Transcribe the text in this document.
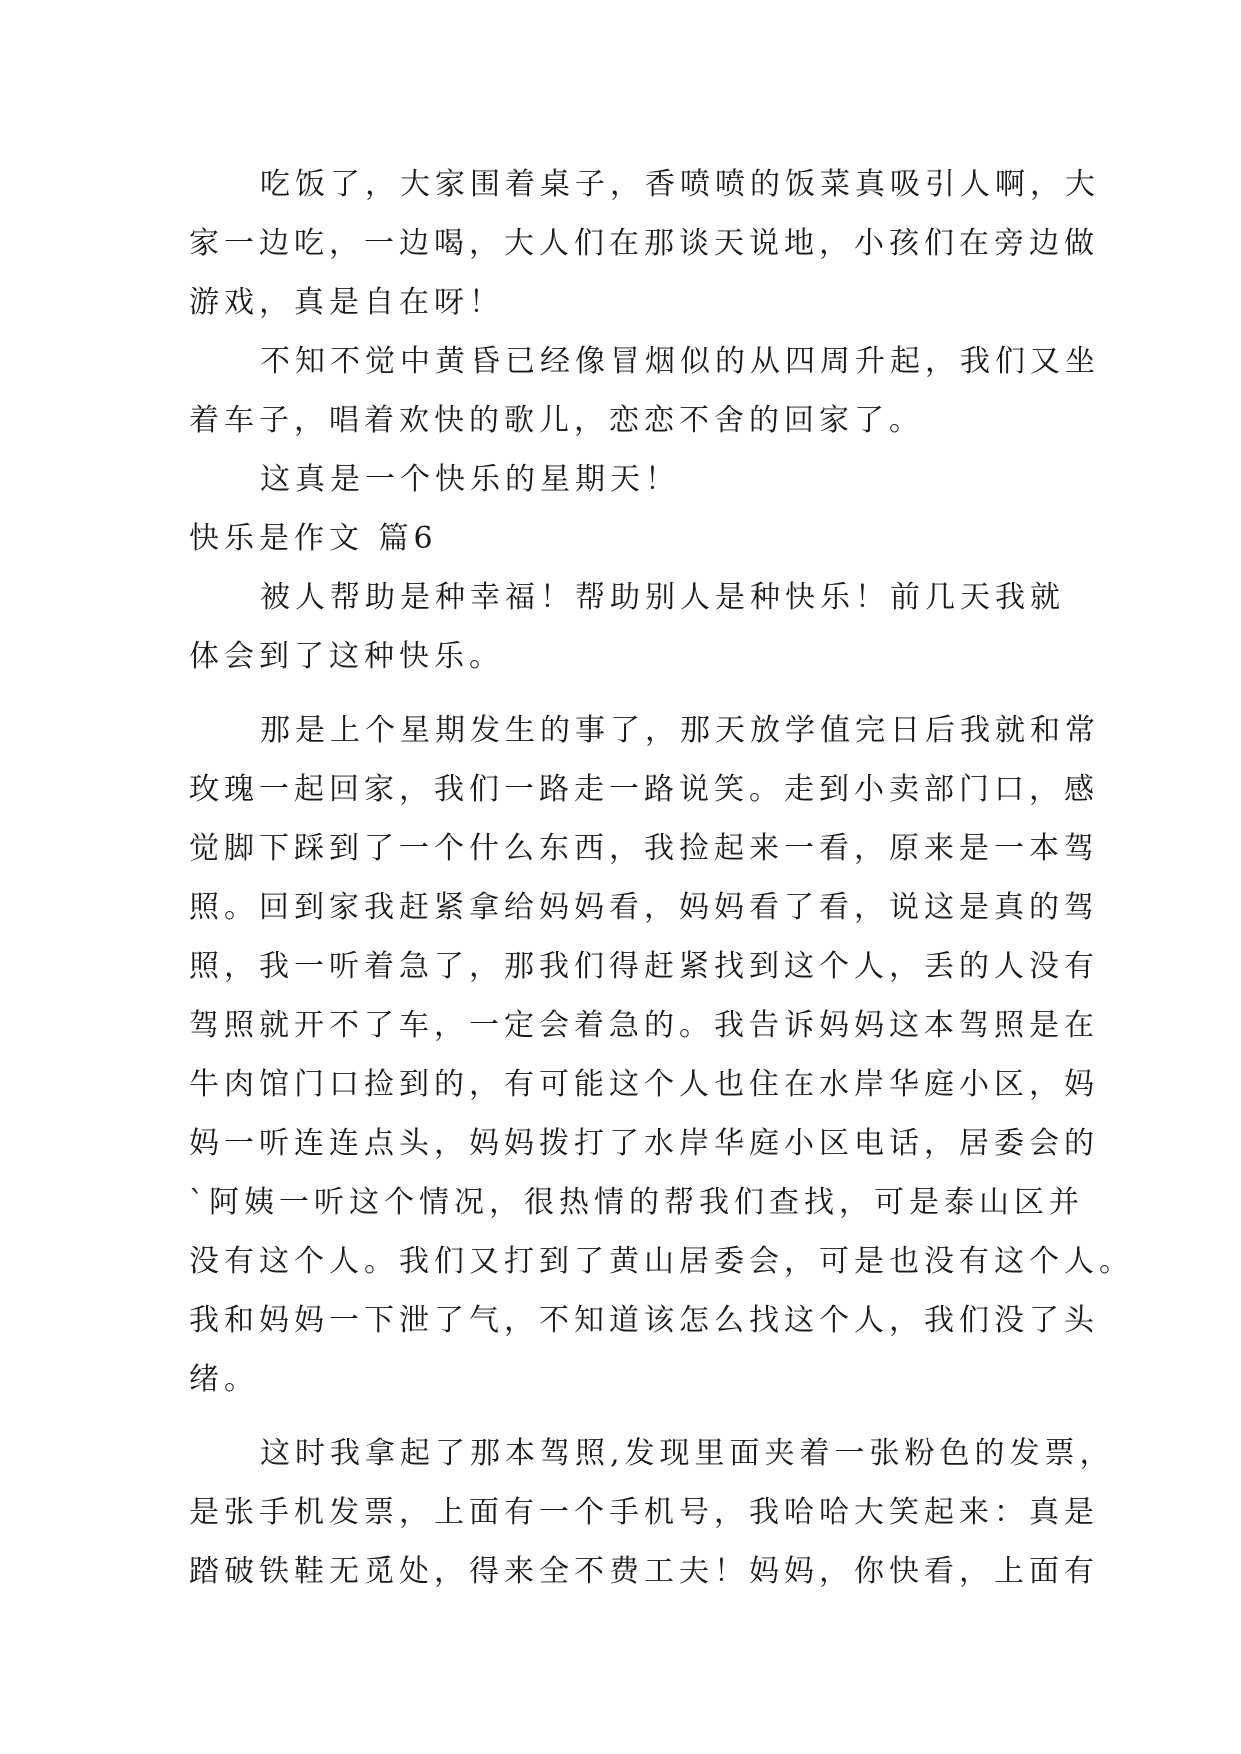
吃饭了，大家围着桌子，香喷喷的饭菜真吸引人啊，大
家一边吃，一边喝，大人们在那谈天说地，小孩们在旁边做
游戏，真是自在呀！
不知不觉中黄昏已经像冒烟似的从四周升起，我们又坐
着车子，唱着欢快的歌儿，恋恋不舍的回家了。
这真是一个快乐的星期天！
快乐是作文 篇6
被人帮助是种幸福！帮助别人是种快乐！前几天我就
体会到了这种快乐。
那是上个星期发生的事了，那天放学值完日后我就和常
玫瑰一起回家，我们一路走一路说笑。走到小卖部门口，感
觉脚下踩到了一个什么东西，我捡起来一看，原来是一本驾
照。回到家我赶紧拿给妈妈看，妈妈看了看，说这是真的驾
照，我一听着急了，那我们得赶紧找到这个人，丢的人没有
驾照就开不了车，一定会着急的。我告诉妈妈这本驾照是在
牛肉馆门口捡到的，有可能这个人也住在水岸华庭小区，妈
妈一听连连点头，妈妈拨打了水岸华庭小区电话，居委会的
`阿姨一听这个情况，很热情的帮我们查找，可是泰山区并
没有这个人。我们又打到了黄山居委会，可是也没有这个人。
我和妈妈一下泄了气，不知道该怎么找这个人，我们没了头
绪。
这时我拿起了那本驾照,发现里面夹着一张粉色的发票，
是张手机发票，上面有一个手机号，我哈哈大笑起来：真是
踏破铁鞋无觅处，得来全不费工夫！妈妈，你快看，上面有
